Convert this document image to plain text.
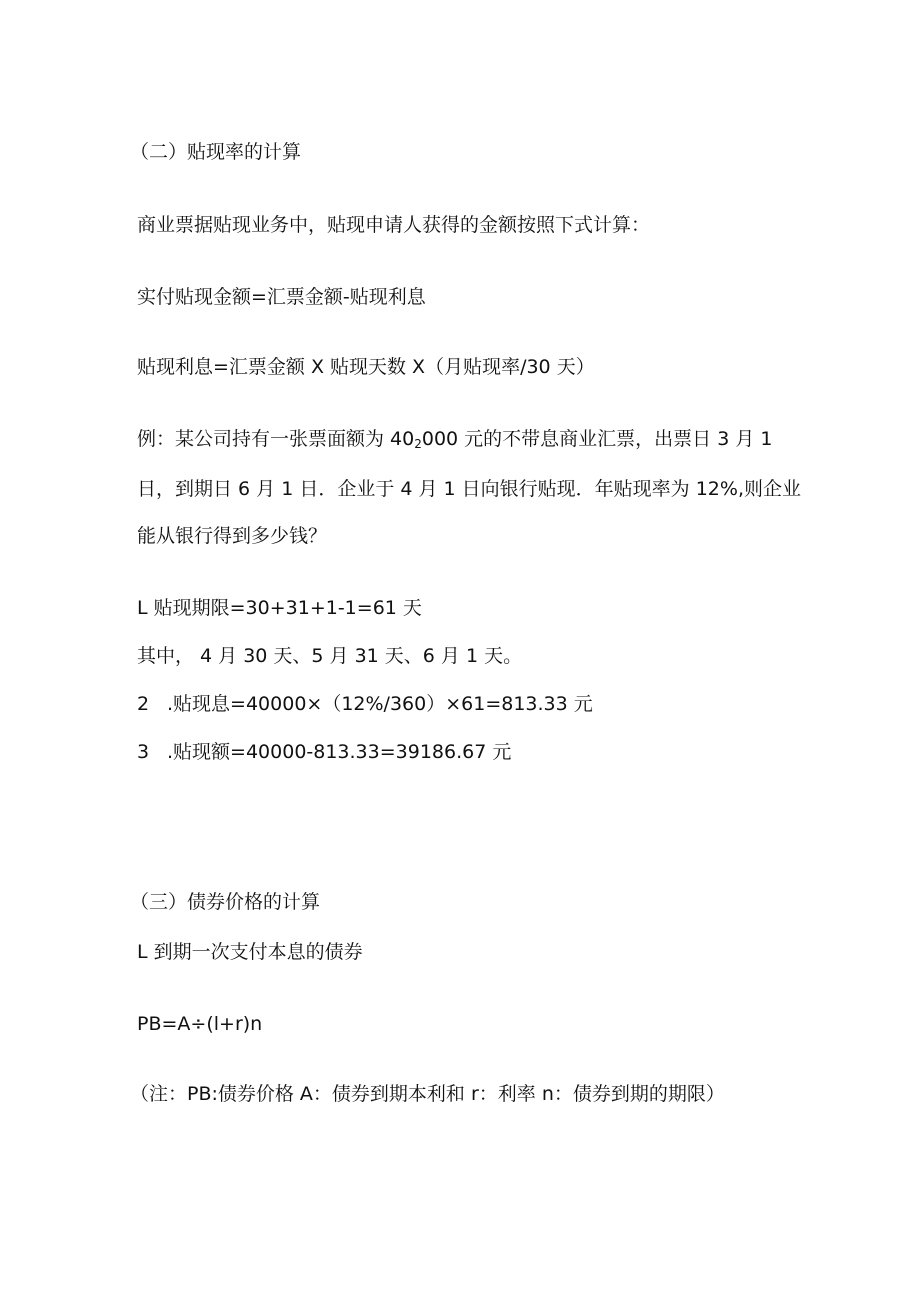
（二）贴现率的计算

商业票据贴现业务中，贴现申请人获得的金额按照下式计算：

实付贴现金额=汇票金额-贴现利息

贴现利息=汇票金额 X 贴现天数 X（月贴现率/30 天）

例：某公司持有一张票面额为 402000 元的不带息商业汇票，出票日 3 月 1

日，到期日 6 月 1 日．企业于 4 月 1 日向银行贴现．年贴现率为 12%,则企业

能从银行得到多少钱？

L 贴现期限=30+31+1-1=61 天

其中， 4 月 30 天、5 月 31 天、6 月 1 天。

2 .贴现息=40000×（12%/360）×61=813.33 元

3 .贴现额=40000-813.33=39186.67 元

（三）债券价格的计算

L 到期一次支付本息的债券

PB=A÷(l+r)n

（注：PB:债券价格 A：债券到期本利和 r：利率 n：债券到期的期限）
